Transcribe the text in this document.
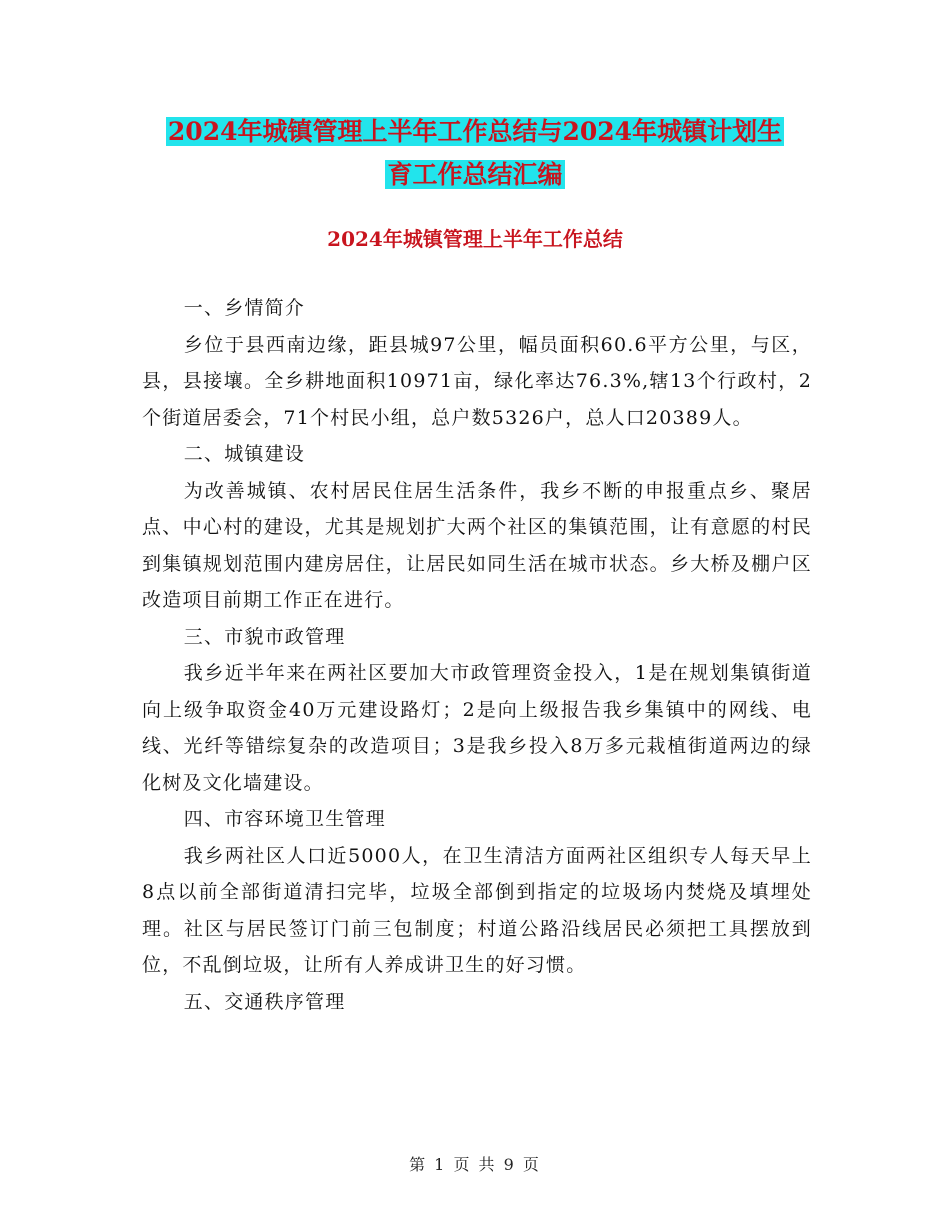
2024年城镇管理上半年工作总结与2024年城镇计划生
育工作总结汇编
2024年城镇管理上半年工作总结

一、乡情简介

乡位于县西南边缘，距县城97公里，幅员面积60.6平方公里，与区，县，县接壤。全乡耕地面积10971亩，绿化率达76.3%,辖13个行政村，2个街道居委会，71个村民小组，总户数5326户，总人口20389人。

二、城镇建设

为改善城镇、农村居民住居生活条件，我乡不断的申报重点乡、聚居点、中心村的建设，尤其是规划扩大两个社区的集镇范围，让有意愿的村民到集镇规划范围内建房居住，让居民如同生活在城市状态。乡大桥及棚户区改造项目前期工作正在进行。

三、市貌市政管理

我乡近半年来在两社区要加大市政管理资金投入，1是在规划集镇街道向上级争取资金40万元建设路灯；2是向上级报告我乡集镇中的网线、电线、光纤等错综复杂的改造项目；3是我乡投入8万多元栽植街道两边的绿化树及文化墙建设。

四、市容环境卫生管理

我乡两社区人口近5000人，在卫生清洁方面两社区组织专人每天早上8点以前全部街道清扫完毕，垃圾全部倒到指定的垃圾场内焚烧及填埋处理。社区与居民签订门前三包制度；村道公路沿线居民必须把工具摆放到位，不乱倒垃圾，让所有人养成讲卫生的好习惯。

五、交通秩序管理

第 1 页 共 9 页
